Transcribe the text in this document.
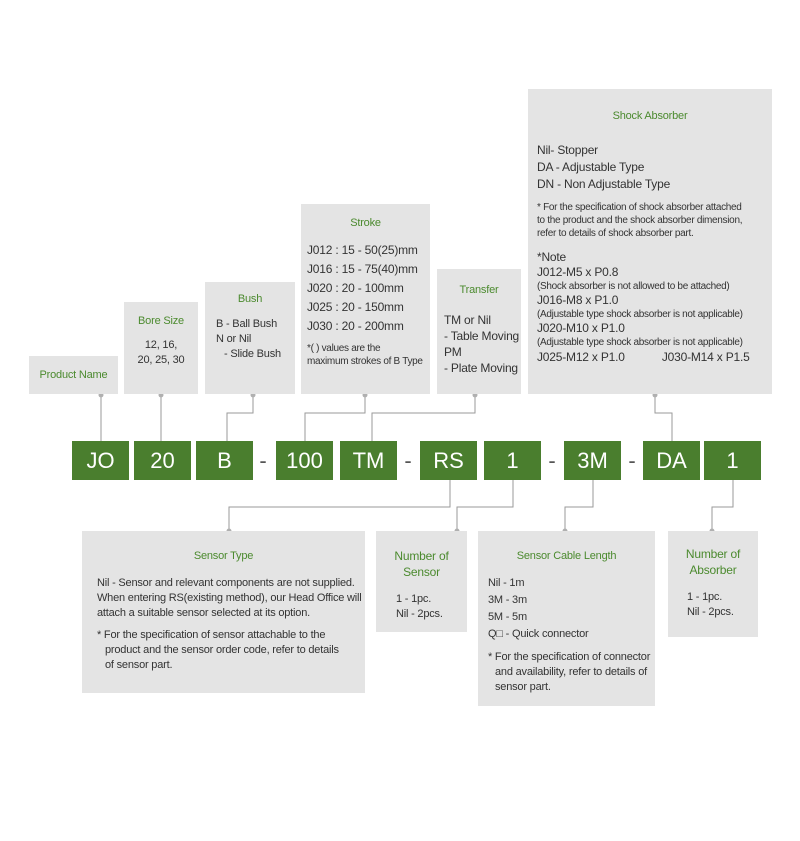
Product Name
Bore Size
12, 16,
20, 25, 30
Bush
B - Ball Bush
N or Nil
- Slide Bush
Stroke
J012 : 15 - 50(25)mm
J016 : 15 - 75(40)mm
J020 : 20 - 100mm
J025 : 20 - 150mm
J030 : 20 - 200mm
*( ) values are the
maximum strokes of B Type
Transfer
TM or Nil
- Table Moving
PM
- Plate Moving
Shock Absorber
Nil- Stopper
DA - Adjustable Type
DN - Non Adjustable Type
* For the specification of shock absorber attached
to the product and the shock absorber dimension,
refer to details of shock absorber part.
*Note
J012-M5 x P0.8
(Shock absorber is not allowed to be attached)
J016-M8 x P1.0
(Adjustable type shock absorber is not applicable)
J020-M10 x P1.0
(Adjustable type shock absorber is not applicable)
J025-M12 x P1.0	J030-M14 x P1.5
JO	20	B	- 100	TM - RS	1	- 3M - DA	1
Sensor Type
Nil - Sensor and relevant components are not supplied.
When entering RS(existing method), our Head Office will
attach a suitable sensor selected at its option.
* For the specification of sensor attachable to the
product and the sensor order code, refer to details
of sensor part.
Number of
Sensor
1 - 1pc.
Nil - 2pcs.
Sensor Cable Length
Nil - 1m
3M - 3m
5M - 5m
Q□ - Quick connector
* For the specification of connector
and availability, refer to details of
sensor part.
Number of
Absorber
1 - 1pc.
Nil - 2pcs.
